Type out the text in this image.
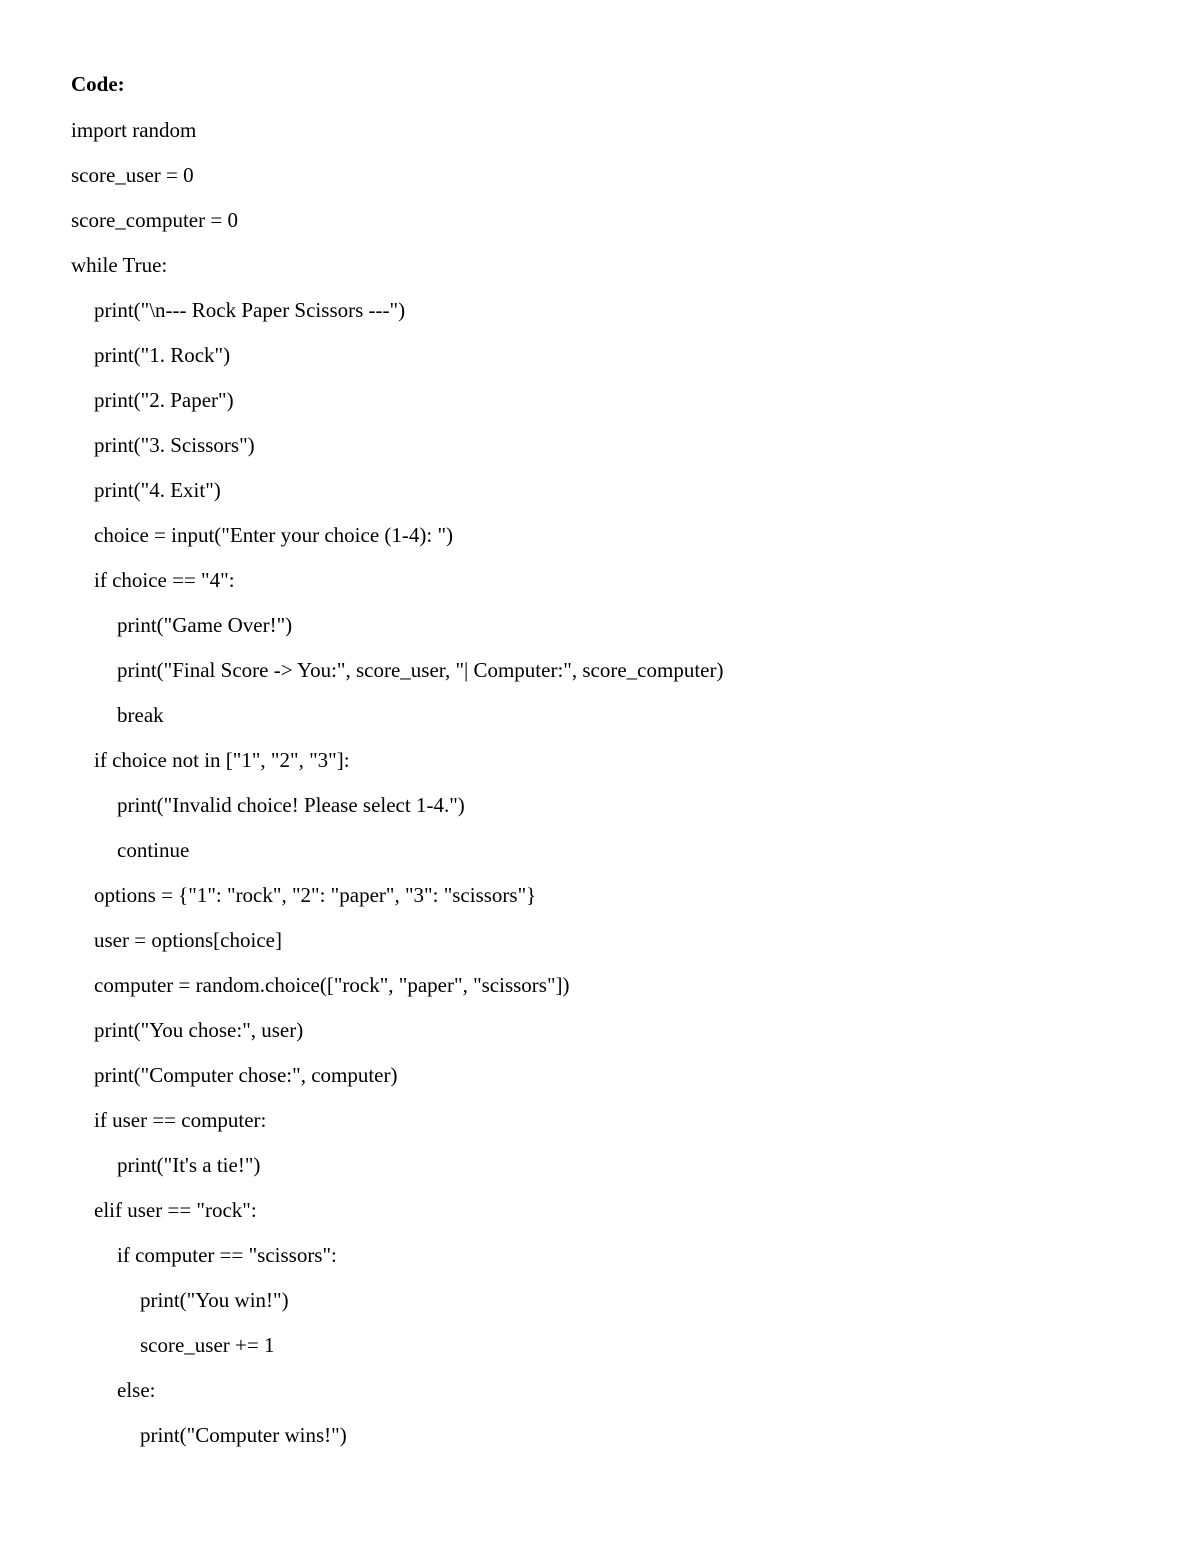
Code:
import random
score_user = 0
score_computer = 0
while True:
print("\n--- Rock Paper Scissors ---")
print("1. Rock")
print("2. Paper")
print("3. Scissors")
print("4. Exit")
choice = input("Enter your choice (1-4): ")
if choice == "4":
print("Game Over!")
print("Final Score -> You:", score_user, "| Computer:", score_computer)
break
if choice not in ["1", "2", "3"]:
print("Invalid choice! Please select 1-4.")
continue
options = {"1": "rock", "2": "paper", "3": "scissors"}
user = options[choice]
computer = random.choice(["rock", "paper", "scissors"])
print("You chose:", user)
print("Computer chose:", computer)
if user == computer:
print("It's a tie!")
elif user == "rock":
if computer == "scissors":
print("You win!")
score_user += 1
else:
print("Computer wins!")
